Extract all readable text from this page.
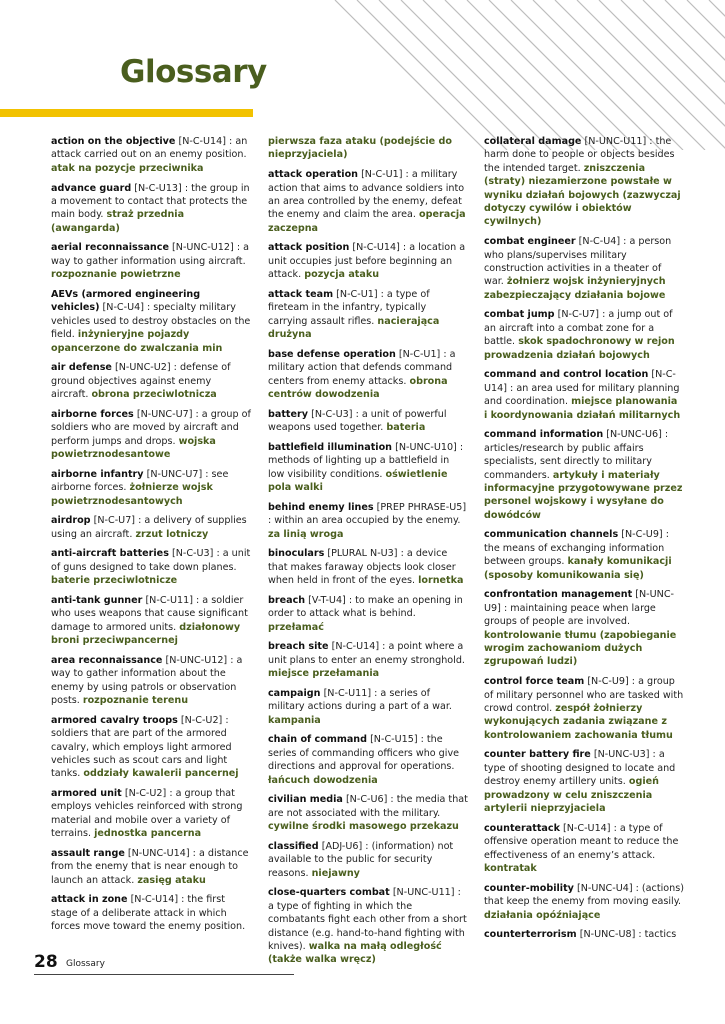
Glossary

action on the objective [N-C-U14] : an attack carried out on an enemy position. atak na pozycje przeciwnika

advance guard [N-C-U13] : the group in a movement to contact that protects the main body. straż przednia (awangarda)

aerial reconnaissance [N-UNC-U12] : a way to gather information using aircraft. rozpoznanie powietrzne

AEVs (armored engineering vehicles) [N-C-U4] : specialty military vehicles used to destroy obstacles on the field. inżynieryjne pojazdy opancerzone do zwalczania min

air defense [N-UNC-U2] : defense of ground objectives against enemy aircraft. obrona przeciwlotnicza

airborne forces [N-UNC-U7] : a group of soldiers who are moved by aircraft and perform jumps and drops. wojska powietrznodesantowe

airborne infantry [N-UNC-U7] : see airborne forces. żołnierze wojsk powietrznodesantowych

airdrop [N-C-U7] : a delivery of supplies using an aircraft. zrzut lotniczy

anti-aircraft batteries [N-C-U3] : a unit of guns designed to take down planes. baterie przeciwlotnicze

anti-tank gunner [N-C-U11] : a soldier who uses weapons that cause significant damage to armored units. działonowy broni przeciwpancernej

area reconnaissance [N-UNC-U12] : a way to gather information about the enemy by using patrols or observation posts. rozpoznanie terenu

armored cavalry troops [N-C-U2] : soldiers that are part of the armored cavalry, which employs light armored vehicles such as scout cars and light tanks. oddziały kawalerii pancernej

armored unit [N-C-U2] : a group that employs vehicles reinforced with strong material and mobile over a variety of terrains. jednostka pancerna

assault range [N-UNC-U14] : a distance from the enemy that is near enough to launch an attack. zasięg ataku

attack in zone [N-C-U14] : the first stage of a deliberate attack in which forces move toward the enemy position.

pierwsza faza ataku (podejście do nieprzyjaciela)

attack operation [N-C-U1] : a military action that aims to advance soldiers into an area controlled by the enemy, defeat the enemy and claim the area. operacja zaczepna

attack position [N-C-U14] : a location a unit occupies just before beginning an attack. pozycja ataku

attack team [N-C-U1] : a type of fireteam in the infantry, typically carrying assault rifles. nacierająca drużyna

base defense operation [N-C-U1] : a military action that defends command centers from enemy attacks. obrona centrów dowodzenia

battery [N-C-U3] : a unit of powerful weapons used together. bateria

battlefield illumination [N-UNC-U10] : methods of lighting up a battlefield in low visibility conditions. oświetlenie pola walki

behind enemy lines [PREP PHRASE-U5] : within an area occupied by the enemy. za linią wroga

binoculars [PLURAL N-U3] : a device that makes faraway objects look closer when held in front of the eyes. lornetka

breach [V-T-U4] : to make an opening in order to attack what is behind. przełamać

breach site [N-C-U14] : a point where a unit plans to enter an enemy stronghold. miejsce przełamania

campaign [N-C-U11] : a series of military actions during a part of a war. kampania

chain of command [N-C-U15] : the series of commanding officers who give directions and approval for operations. łańcuch dowodzenia

civilian media [N-C-U6] : the media that are not associated with the military. cywilne środki masowego przekazu

classified [ADJ-U6] : (information) not available to the public for security reasons. niejawny

close-quarters combat [N-UNC-U11] : a type of fighting in which the combatants fight each other from a short distance (e.g. hand-to-hand fighting with knives). walka na małą odległość (także walka wręcz)

collateral damage [N-UNC-U11] : the harm done to people or objects besides the intended target. zniszczenia (straty) niezamierzone powstałe w wyniku działań bojowych (zazwyczaj dotyczy cywilów i obiektów cywilnych)

combat engineer [N-C-U4] : a person who plans/supervises military construction activities in a theater of war. żołnierz wojsk inżynieryjnych zabezpieczający działania bojowe

combat jump [N-C-U7] : a jump out of an aircraft into a combat zone for a battle. skok spadochronowy w rejon prowadzenia działań bojowych

command and control location [N-C-U14] : an area used for military planning and coordination. miejsce planowania i koordynowania działań militarnych

command information [N-UNC-U6] : articles/research by public affairs specialists, sent directly to military commanders. artykuły i materiały informacyjne przygotowywane przez personel wojskowy i wysyłane do dowódców

communication channels [N-C-U9] : the means of exchanging information between groups. kanały komunikacji (sposoby komunikowania się)

confrontation management [N-UNC-U9] : maintaining peace when large groups of people are involved. kontrolowanie tłumu (zapobieganie wrogim zachowaniom dużych zgrupowań ludzi)

control force team [N-C-U9] : a group of military personnel who are tasked with crowd control. zespół żołnierzy wykonujących zadania związane z kontrolowaniem zachowania tłumu

counter battery fire [N-UNC-U3] : a type of shooting designed to locate and destroy enemy artillery units. ogień prowadzony w celu zniszczenia artylerii nieprzyjaciela

counterattack [N-C-U14] : a type of offensive operation meant to reduce the effectiveness of an enemy’s attack. kontratak

counter-mobility [N-UNC-U4] : (actions) that keep the enemy from moving easily. działania opóźniające

counterterrorism [N-UNC-U8] : tactics

28 Glossary
